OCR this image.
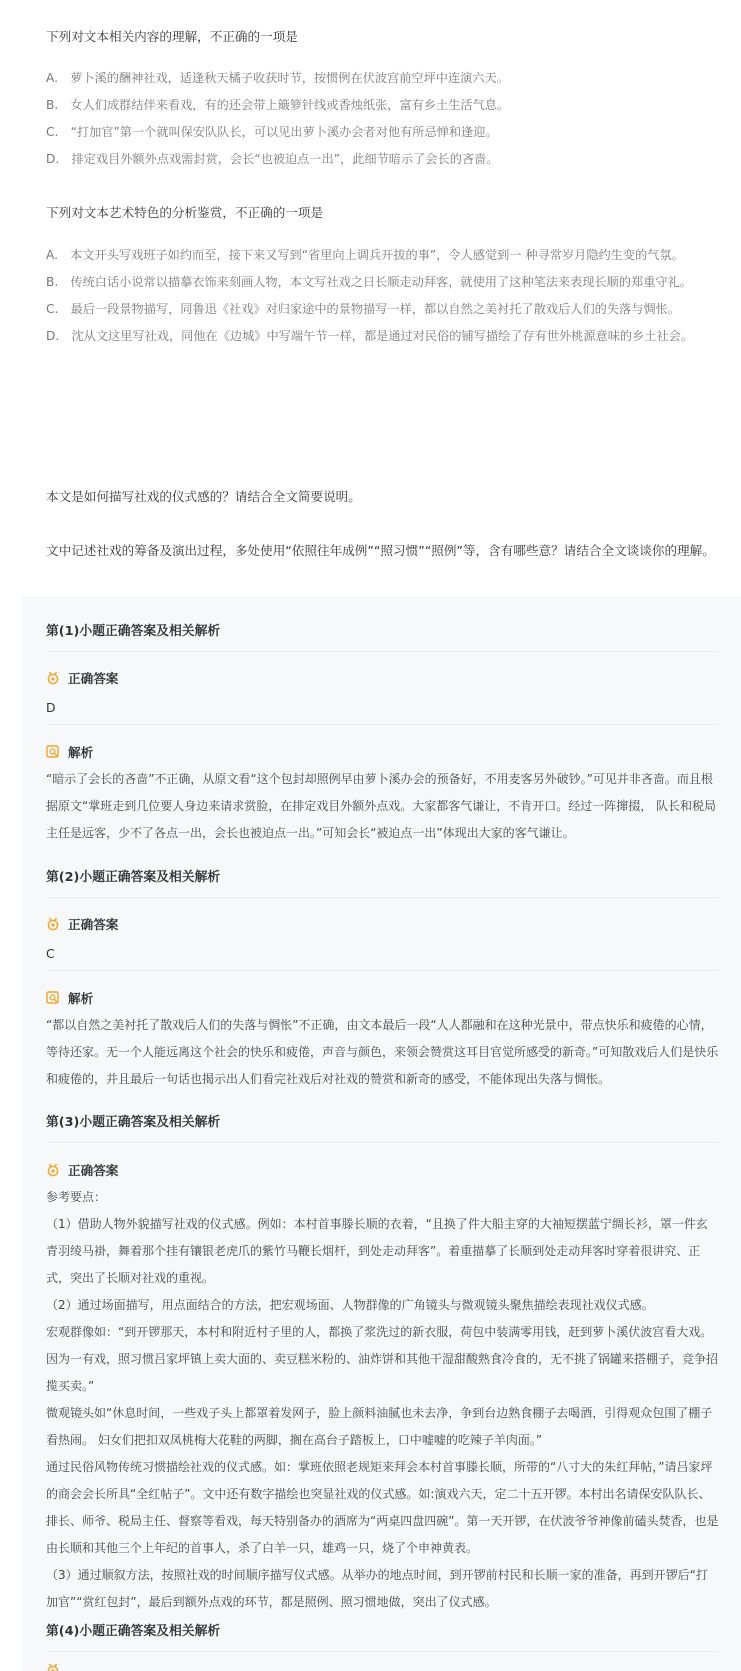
下列对文本相关内容的理解，不正确的一项是

A.　萝卜溪的酬神社戏，适逢秋天橘子收获时节，按惯例在伏波宫前空坪中连演六天。

B.　女人们成群结伴来看戏，有的还会带上簸箩针线或香烛纸张，富有乡土生活气息。

C.　“打加官”第一个就叫保安队队长，可以见出萝卜溪办会者对他有所忌惮和逢迎。

D.　排定戏目外额外点戏需封赏，会长“也被迫点一出”，此细节暗示了会长的吝啬。

下列对文本艺术特色的分析鉴赏，不正确的一项是

A.　本文开头写戏班子如约而至，接下来又写到“省里向上调兵开拔的事”，令人感觉到一 种寻常岁月隐约生变的气氛。

B.　传统白话小说常以描摹衣饰来刻画人物，本文写社戏之日长顺走动拜客，就使用了这种笔法来表现长顺的郑重守礼。

C.　最后一段景物描写，同鲁迅《社戏》对归家途中的景物描写一样，都以自然之美衬托了散戏后人们的失落与惆怅。

D.　沈从文这里写社戏，同他在《边城》中写端午节一样，都是通过对民俗的铺写描绘了存有世外桃源意味的乡土社会。

本文是如何描写社戏的仪式感的？请结合全文简要说明。

文中记述社戏的筹备及演出过程，多处使用“依照往年成例”“照习惯”“照例”等，含有哪些意？请结合全文谈谈你的理解。

第(1)小题正确答案及相关解析

正确答案
D
解析

“暗示了会长的吝啬”不正确，从原文看“这个包封却照例早由萝卜溪办会的预备好，不用麦客另外破钞。”可见并非吝啬。而且根据原文“掌班走到几位要人身边来请求赏脸，在排定戏目外额外点戏。大家都客气谦让，不肯开口。经过一阵撺掇， 队长和税局主任是远客，少不了各点一出，会长也被迫点一出。”可知会长“被迫点一出”体现出大家的客气谦让。

第(2)小题正确答案及相关解析

正确答案
C
解析

“都以自然之美衬托了散戏后人们的失落与惆怅”不正确，由文本最后一段“人人都融和在这种光景中，带点快乐和疲倦的心情，等待还家。无一个人能远离这个社会的快乐和疲倦，声音与颜色，来领会赞赏这耳目官觉所感受的新奇。”可知散戏后人们是快乐和疲倦的，并且最后一句话也揭示出人们看完社戏后对社戏的赞赏和新奇的感受，不能体现出失落与惆怅。

第(3)小题正确答案及相关解析

正确答案

参考要点：

（1）借助人物外貌描写社戏的仪式感。例如：本村首事滕长顺的衣着，“且换了件大船主穿的大袖短摆蓝宁绸长衫，罩一件玄青羽绫马褂，舞着那个挂有镶银老虎爪的紫竹马鞭长烟杆，到处走动拜客”。着重描摹了长顺到处走动拜客时穿着很讲究、正式，突出了长顺对社戏的重视。

（2）通过场面描写，用点面结合的方法，把宏观场面、人物群像的广角镜头与微观镜头聚焦描绘表现社戏仪式感。

宏观群像如：“到开锣那天，本村和附近村子里的人，都换了浆洗过的新衣服，荷包中装满零用钱，赶到萝卜溪伏波宫看大戏。因为一有戏，照习惯吕家坪镇上卖大面的、卖豆糕米粉的、油炸饼和其他干湿甜酸熟食冷食的，无不挑了锅罐来搭棚子，竞争招揽买卖。”

微观镜头如“休息时间，一些戏子头上都罩着发网子，脸上颜料油腻也未去净，争到台边熟食棚子去喝酒，引得观众包围了棚子看热闹。 妇女们把扣双凤桃梅大花鞋的两脚，搁在高台子踏板上，口中嘘嘘的吃辣子羊肉面。”

通过民俗风物传统习惯描绘社戏的仪式感。如：掌班依照老规矩来拜会本村首事滕长顺，所带的“八寸大的朱红拜帖，”请吕家坪的商会会长所具“全红帖子”。文中还有数字描绘也突显社戏的仪式感。如:演戏六天，定二十五开锣。本村出名请保安队队长、排长、师爷、税局主任、督察等看戏，每天特别备办的酒席为“两桌四盘四碗”。第一天开锣，在伏波爷爷神像前磕头焚香，也是由长顺和其他三个上年纪的首事人，杀了白羊一只，雄鸡一只，烧了个申神黄表。

（3）通过顺叙方法，按照社戏的时间顺序描写仪式感。从举办的地点时间，到开锣前村民和长顺一家的准备，再到开锣后“打加官”“赏红包封”，最后到额外点戏的环节，都是照例、照习惯地做，突出了仪式感。

第(4)小题正确答案及相关解析
